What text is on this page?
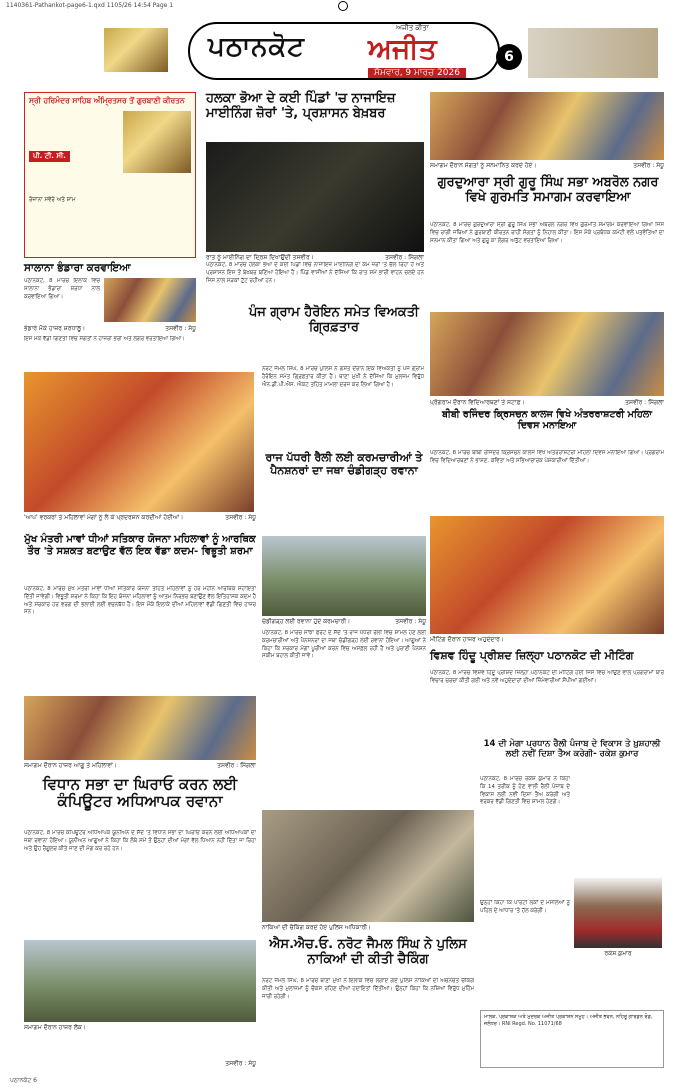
1140361-Pathankot-page6-1.qxd 1105/26 14:54 Page 1
ਪਠਾਨਕੋਟ
ਅਜੀਤ ਕੀਤਾ
ਅਜੀਤ
ਸੋਮਵਾਰ, 9 ਮਾਰਚ 2026
6
ਸ੍ਰੀ ਹਰਿਮੰਦਰ ਸਾਹਿਬ ਅੰਮ੍ਰਿਤਸਰ ਤੋਂ ਗੁਰਬਾਣੀ ਕੀਰਤਨ
ਪੀ. ਟੀ. ਸੀ.
ਰੋਜ਼ਾਨਾ ਸਵੇਰੇ ਅਤੇ ਸ਼ਾਮ
ਹਲਕਾ ਭੋਆ ਦੇ ਕਈ ਪਿੰਡਾਂ 'ਚ ਨਾਜਾਇਜ਼ ਮਾਈਨਿੰਗ ਜ਼ੋਰਾਂ 'ਤੇ, ਪ੍ਰਸ਼ਾਸਨ ਬੇਖ਼ਬਰ
ਰਾਤ ਨੂੰ ਮਾਈਨਿੰਗ ਦਾ ਦ੍ਰਿਸ਼ ਦਿਖਾਉਂਦੀ ਤਸਵੀਰ।	ਤਸਵੀਰ : ਸਿੰਗਲਾ
ਪਠਾਨਕੋਟ, 8 ਮਾਰਚ ਹਲਕਾ ਭੋਆ ਦੇ ਕਈ ਪਿੰਡਾਂ ਵਿਚ ਨਾਜਾਇਜ਼ ਮਾਈਨਿੰਗ ਦਾ ਕੰਮ ਜ਼ੋਰਾਂ 'ਤੇ ਚੱਲ ਰਿਹਾ ਹੈ ਅਤੇ ਪ੍ਰਸ਼ਾਸਨ ਇਸ ਤੋਂ ਬੇਖ਼ਬਰ ਬਣਿਆ ਹੋਇਆ ਹੈ। ਪਿੰਡ ਵਾਸੀਆਂ ਨੇ ਦੱਸਿਆ ਕਿ ਰਾਤ ਸਮੇਂ ਭਾਰੀ ਵਾਹਨ ਚਲਦੇ ਹਨ ਜਿਸ ਨਾਲ ਸੜਕਾਂ ਟੁੱਟ ਰਹੀਆਂ ਹਨ।
ਪੰਜ ਗ੍ਰਾਮ ਹੈਰੋਇਨ ਸਮੇਤ ਵਿਅਕਤੀ ਗ੍ਰਿਫ਼ਤਾਰ
ਨਰੋਟ ਜੈਮਲ ਸਿੰਘ, 8 ਮਾਰਚ ਪੁਲਿਸ ਨੇ ਗਸ਼ਤ ਦੌਰਾਨ ਇਕ ਵਿਅਕਤੀ ਨੂੰ ਪੰਜ ਗ੍ਰਾਮ ਹੈਰੋਇਨ ਸਮੇਤ ਗ੍ਰਿਫ਼ਤਾਰ ਕੀਤਾ ਹੈ। ਥਾਣਾ ਮੁਖੀ ਨੇ ਦੱਸਿਆ ਕਿ ਮੁਲਜ਼ਮ ਵਿਰੁੱਧ ਐਨ.ਡੀ.ਪੀ.ਐਸ. ਐਕਟ ਤਹਿਤ ਮਾਮਲਾ ਦਰਜ ਕਰ ਲਿਆ ਗਿਆ ਹੈ।
ਸਾਲਾਨਾ ਭੰਡਾਰਾ ਕਰਵਾਇਆ
ਪਠਾਨਕੋਟ, 8 ਮਾਰਚ ਇਲਾਕੇ ਵਿਚ ਸਾਲਾਨਾ ਭੰਡਾਰਾ ਸ਼ਰਧਾ ਨਾਲ ਕਰਵਾਇਆ ਗਿਆ।
ਭੰਡਾਰੇ ਮੌਕੇ ਹਾਜ਼ਰ ਸ਼ਰਧਾਲੂ।	ਤਸਵੀਰ : ਸੰਧੂ
ਇਸ ਮੌਕੇ ਵੱਡੀ ਗਿਣਤੀ ਵਿਚ ਸੰਗਤਾਂ ਨੇ ਹਾਜ਼ਰੀ ਭਰੀ ਅਤੇ ਲੰਗਰ ਵਰਤਾਇਆ ਗਿਆ।
'ਆਪ' ਵਰਕਰਾਂ ਤੇ ਮਹਿਲਾਵਾਂ ਮੰਗਾਂ ਨੂੰ ਲੈ ਕੇ ਪ੍ਰਦਰਸ਼ਨ ਕਰਦੀਆਂ ਹੋਈਆਂ।	ਤਸਵੀਰ : ਸੰਧੂ
ਸਮਾਗਮ ਦੌਰਾਨ ਸੰਗਤਾਂ ਨੂੰ ਸਨਮਾਨਿਤ ਕਰਦੇ ਹੋਏ।	ਤਸਵੀਰ : ਸੰਧੂ
ਗੁਰਦੁਆਰਾ ਸ੍ਰੀ ਗੁਰੂ ਸਿੰਘ ਸਭਾ ਅਬਰੋਲ ਨਗਰ ਵਿਖੇ ਗੁਰਮਤਿ ਸਮਾਗਮ ਕਰਵਾਇਆ
ਪਠਾਨਕੋਟ, 8 ਮਾਰਚ ਗੁਰਦੁਆਰਾ ਸ੍ਰੀ ਗੁਰੂ ਸਿੰਘ ਸਭਾ ਅਬਰੋਲ ਨਗਰ ਵਿਖੇ ਗੁਰਮਤਿ ਸਮਾਗਮ ਕਰਵਾਇਆ ਗਿਆ ਜਿਸ ਵਿਚ ਰਾਗੀ ਜਥਿਆਂ ਨੇ ਗੁਰਬਾਣੀ ਕੀਰਤਨ ਰਾਹੀਂ ਸੰਗਤਾਂ ਨੂੰ ਨਿਹਾਲ ਕੀਤਾ। ਇਸ ਮੌਕੇ ਪ੍ਰਬੰਧਕ ਕਮੇਟੀ ਵਲੋਂ ਪਤਵੰਤਿਆਂ ਦਾ ਸਨਮਾਨ ਕੀਤਾ ਗਿਆ ਅਤੇ ਗੁਰੂ ਕਾ ਲੰਗਰ ਅਤੁੱਟ ਵਰਤਾਇਆ ਗਿਆ।
ਪ੍ਰੋਗਰਾਮ ਦੌਰਾਨ ਵਿਦਿਆਰਥਣਾਂ ਤੇ ਸਟਾਫ਼।	ਤਸਵੀਰ : ਸਿੰਗਲਾ
ਬੀਬੀ ਰਜਿੰਦਰ ਕ੍ਰਿਸਚਨ ਕਾਲਜ ਵਿਖੇ ਅੰਤਰਰਾਸ਼ਟਰੀ ਮਹਿਲਾ ਦਿਵਸ ਮਨਾਇਆ
ਪਠਾਨਕੋਟ, 8 ਮਾਰਚ ਬੀਬੀ ਰਜਿੰਦਰ ਕ੍ਰਿਸਚਨ ਕਾਲਜ ਵਿਖੇ ਅੰਤਰਰਾਸ਼ਟਰੀ ਮਹਿਲਾ ਦਿਵਸ ਮਨਾਇਆ ਗਿਆ। ਪ੍ਰੋਗਰਾਮ ਵਿਚ ਵਿਦਿਆਰਥਣਾਂ ਨੇ ਭਾਸ਼ਣ, ਕਵਿਤਾ ਅਤੇ ਸਭਿਆਚਾਰਕ ਪੇਸ਼ਕਾਰੀਆਂ ਦਿੱਤੀਆਂ।
ਰਾਜ ਪੱਧਰੀ ਰੈਲੀ ਲਈ ਕਰਮਚਾਰੀਆਂ ਤੇ ਪੈਨਸ਼ਨਰਾਂ ਦਾ ਜਥਾ ਚੰਡੀਗੜ੍ਹ ਰਵਾਨਾ
ਚੰਡੀਗੜ੍ਹ ਲਈ ਰਵਾਨਾ ਹੁੰਦੇ ਕਰਮਚਾਰੀ।	ਤਸਵੀਰ : ਸੰਧੂ
ਪਠਾਨਕੋਟ, 8 ਮਾਰਚ ਸਾਂਝਾ ਫਰੰਟ ਦੇ ਸੱਦੇ 'ਤੇ ਰਾਜ ਪੱਧਰੀ ਰੈਲੀ ਵਿਚ ਸ਼ਾਮਲ ਹੋਣ ਲਈ ਕਰਮਚਾਰੀਆਂ ਅਤੇ ਪੈਨਸ਼ਨਰਾਂ ਦਾ ਜਥਾ ਚੰਡੀਗੜ੍ਹ ਲਈ ਰਵਾਨਾ ਹੋਇਆ। ਆਗੂਆਂ ਨੇ ਕਿਹਾ ਕਿ ਸਰਕਾਰ ਮੰਗਾਂ ਪੂਰੀਆਂ ਕਰਨ ਵਿਚ ਅਸਫ਼ਲ ਰਹੀ ਹੈ ਅਤੇ ਪੁਰਾਣੀ ਪੈਨਸ਼ਨ ਸਕੀਮ ਬਹਾਲ ਕੀਤੀ ਜਾਵੇ।
ਮੀਟਿੰਗ ਦੌਰਾਨ ਹਾਜ਼ਰ ਅਹੁਦੇਦਾਰ।
ਵਿਸ਼ਵ ਹਿੰਦੂ ਪ੍ਰੀਸ਼ਦ ਜ਼ਿਲ੍ਹਾ ਪਠਾਨਕੋਟ ਦੀ ਮੀਟਿੰਗ
ਪਠਾਨਕੋਟ, 8 ਮਾਰਚ ਵਿਸ਼ਵ ਹਿੰਦੂ ਪ੍ਰੀਸ਼ਦ ਜ਼ਿਲ੍ਹਾ ਪਠਾਨਕੋਟ ਦੀ ਮੀਟਿੰਗ ਹੋਈ ਜਿਸ ਵਿਚ ਆਉਣ ਵਾਲੇ ਪ੍ਰੋਗਰਾਮਾਂ ਬਾਰੇ ਵਿਚਾਰ ਚਰਚਾ ਕੀਤੀ ਗਈ ਅਤੇ ਨਵੇਂ ਅਹੁਦੇਦਾਰਾਂ ਦੀਆਂ ਜ਼ਿੰਮੇਵਾਰੀਆਂ ਸੌਂਪੀਆਂ ਗਈਆਂ।
ਮੁੱਖ ਮੰਤਰੀ ਮਾਵਾਂ ਧੀਆਂ ਸਤਿਕਾਰ ਯੋਜਨਾ ਮਹਿਲਾਵਾਂ ਨੂੰ ਆਰਥਿਕ ਤੌਰ 'ਤੇ ਸਸ਼ਕਤ ਬਣਾਉਣ ਵੱਲ ਇਕ ਵੱਡਾ ਕਦਮ- ਵਿਭੂਤੀ ਸ਼ਰਮਾ
ਪਠਾਨਕੋਟ, 8 ਮਾਰਚ ਮੁੱਖ ਮੰਤਰੀ ਮਾਵਾਂ ਧੀਆਂ ਸਤਿਕਾਰ ਯੋਜਨਾ ਤਹਿਤ ਮਹਿਲਾਵਾਂ ਨੂੰ ਹਰ ਮਹੀਨੇ ਆਰਥਿਕ ਸਹਾਇਤਾ ਦਿੱਤੀ ਜਾਵੇਗੀ। ਵਿਭੂਤੀ ਸ਼ਰਮਾ ਨੇ ਕਿਹਾ ਕਿ ਇਹ ਯੋਜਨਾ ਮਹਿਲਾਵਾਂ ਨੂੰ ਆਤਮ ਨਿਰਭਰ ਬਣਾਉਣ ਵੱਲ ਇਤਿਹਾਸਕ ਕਦਮ ਹੈ ਅਤੇ ਸਰਕਾਰ ਹਰ ਵਰਗ ਦੀ ਭਲਾਈ ਲਈ ਵਚਨਬੱਧ ਹੈ। ਇਸ ਮੌਕੇ ਇਲਾਕੇ ਦੀਆਂ ਮਹਿਲਾਵਾਂ ਵੱਡੀ ਗਿਣਤੀ ਵਿਚ ਹਾਜ਼ਰ ਸਨ।
ਸਮਾਗਮ ਦੌਰਾਨ ਹਾਜ਼ਰ ਆਗੂ ਤੇ ਮਹਿਲਾਵਾਂ।	ਤਸਵੀਰ : ਸਿੰਗਲਾ
ਵਿਧਾਨ ਸਭਾ ਦਾ ਘਿਰਾਓ ਕਰਨ ਲਈ ਕੰਪਿਊਟਰ ਅਧਿਆਪਕ ਰਵਾਨਾ
ਪਠਾਨਕੋਟ, 8 ਮਾਰਚ ਕੰਪਿਊਟਰ ਅਧਿਆਪਕ ਯੂਨੀਅਨ ਦੇ ਸੱਦੇ 'ਤੇ ਵਿਧਾਨ ਸਭਾ ਦਾ ਘਿਰਾਓ ਕਰਨ ਲਈ ਅਧਿਆਪਕਾਂ ਦਾ ਜਥਾ ਰਵਾਨਾ ਹੋਇਆ। ਯੂਨੀਅਨ ਆਗੂਆਂ ਨੇ ਕਿਹਾ ਕਿ ਲੰਬੇ ਸਮੇਂ ਤੋਂ ਉਨ੍ਹਾਂ ਦੀਆਂ ਮੰਗਾਂ ਵੱਲ ਧਿਆਨ ਨਹੀਂ ਦਿੱਤਾ ਜਾ ਰਿਹਾ ਅਤੇ ਉਹ ਰੈਗੂਲਰ ਕੀਤੇ ਜਾਣ ਦੀ ਮੰਗ ਕਰ ਰਹੇ ਹਨ।
ਸਮਾਗਮ ਦੌਰਾਨ ਹਾਜ਼ਰ ਲੋਕ।
ਤਸਵੀਰ : ਸੰਧੂ
ਨਾਕਿਆਂ ਦੀ ਚੈਕਿੰਗ ਕਰਦੇ ਹੋਏ ਪੁਲਿਸ ਅਧਿਕਾਰੀ।
ਐਸ.ਐਚ.ਓ. ਨਰੋਟ ਜੈਮਲ ਸਿੰਘ ਨੇ ਪੁਲਿਸ ਨਾਕਿਆਂ ਦੀ ਕੀਤੀ ਚੈਕਿੰਗ
ਨਰੋਟ ਜੈਮਲ ਸਿੰਘ, 8 ਮਾਰਚ ਥਾਣਾ ਮੁਖੀ ਨੇ ਇਲਾਕੇ ਵਿਚ ਲਗਾਏ ਗਏ ਪੁਲਿਸ ਨਾਕਿਆਂ ਦੀ ਅਚਨਚੇਤ ਚੈਕਿੰਗ ਕੀਤੀ ਅਤੇ ਮੁਲਾਜ਼ਮਾਂ ਨੂੰ ਚੌਕਸ ਰਹਿਣ ਦੀਆਂ ਹਦਾਇਤਾਂ ਦਿੱਤੀਆਂ। ਉਨ੍ਹਾਂ ਕਿਹਾ ਕਿ ਨਸ਼ਿਆਂ ਵਿਰੁੱਧ ਮੁਹਿੰਮ ਜਾਰੀ ਰਹੇਗੀ।
14 ਦੀ ਮੇਗਾ ਪ੍ਰਧਾਨ ਰੈਲੀ ਪੰਜਾਬ ਦੇ ਵਿਕਾਸ ਤੇ ਖ਼ੁਸ਼ਹਾਲੀ ਲਈ ਨਵੀਂ ਦਿਸ਼ਾ ਤੈਅ ਕਰੇਗੀ- ਰਕੇਸ਼ ਕੁਮਾਰ
ਪਠਾਨਕੋਟ, 8 ਮਾਰਚ ਰਕੇਸ਼ ਕੁਮਾਰ ਨੇ ਕਿਹਾ ਕਿ 14 ਤਰੀਕ ਨੂੰ ਹੋਣ ਵਾਲੀ ਰੈਲੀ ਪੰਜਾਬ ਦੇ ਵਿਕਾਸ ਲਈ ਨਵੀਂ ਦਿਸ਼ਾ ਤੈਅ ਕਰੇਗੀ ਅਤੇ ਵਰਕਰ ਵੱਡੀ ਗਿਣਤੀ ਵਿਚ ਸ਼ਾਮਲ ਹੋਣਗੇ।
ਰਕੇਸ਼ ਕੁਮਾਰ
ਉਨ੍ਹਾਂ ਕਿਹਾ ਕਿ ਪਾਰਟੀ ਲੋਕਾਂ ਦੇ ਮਸਲਿਆਂ ਨੂੰ ਪਹਿਲ ਦੇ ਆਧਾਰ 'ਤੇ ਹੱਲ ਕਰੇਗੀ।
ਮਾਲਕ, ਪ੍ਰਕਾਸ਼ਕ ਅਤੇ ਮੁਦਰਕ ਅਜੀਤ ਪ੍ਰਕਾਸ਼ਨ ਸਮੂਹ। ਅਜੀਤ ਭਵਨ, ਨਹਿਰੂ ਗਾਰਡਨ ਰੋਡ, ਜਲੰਧਰ। RNI Regd. No. 11071/68
ਪਠਾਨਕੋਟ 6
